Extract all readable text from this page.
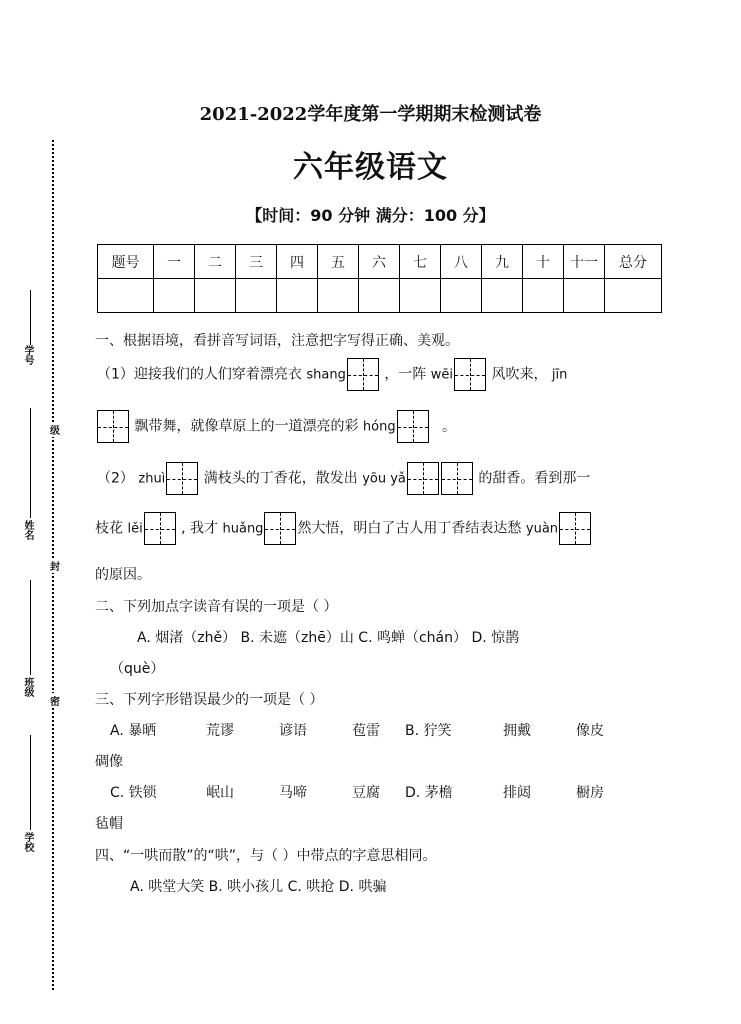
学号
姓名
班级
学校
级
封
密
2021-2022学年度第一学期期末检测试卷
六年级语文
【时间：90 分钟 满分：100 分】
题号	一	二	三	四	五	六	七	八	九	十	十一	总分

一、根据语境，看拼音写词语，注意把字写得正确、美观。
（1）迎接我们的人们穿着漂亮衣 shang	，一阵 wēi	风吹来， jīn
飘带舞，就像草原上的一道漂亮的彩 hóng	。
（2） zhuì	满枝头的丁香花，散发出 yōu yǎ	的甜香。看到那一
枝花 lěi	, 我才 huǎng 然大悟，明白了古人用丁香结表达愁 yuàn
的原因。
二、下列加点字读音有误的一项是（ ）
A. 烟渚（zhě） B. 未遮（zhē）山 C. 鸣蝉（chán） D. 惊鹊
（què）
三、下列字形错误最少的一项是（ ）
A. 暴晒	荒谬	谚语	苞雷 B. 狞笑	拥戴	像皮
碉像
C. 铁锁	岷山	马啼	豆腐 D. 茅檐	排闼	橱房
毡帽
四、“一哄而散”的“哄”，与（ ）中带点的字意思相同。
A. 哄堂大笑 B. 哄小孩儿 C. 哄抢 D. 哄骗
